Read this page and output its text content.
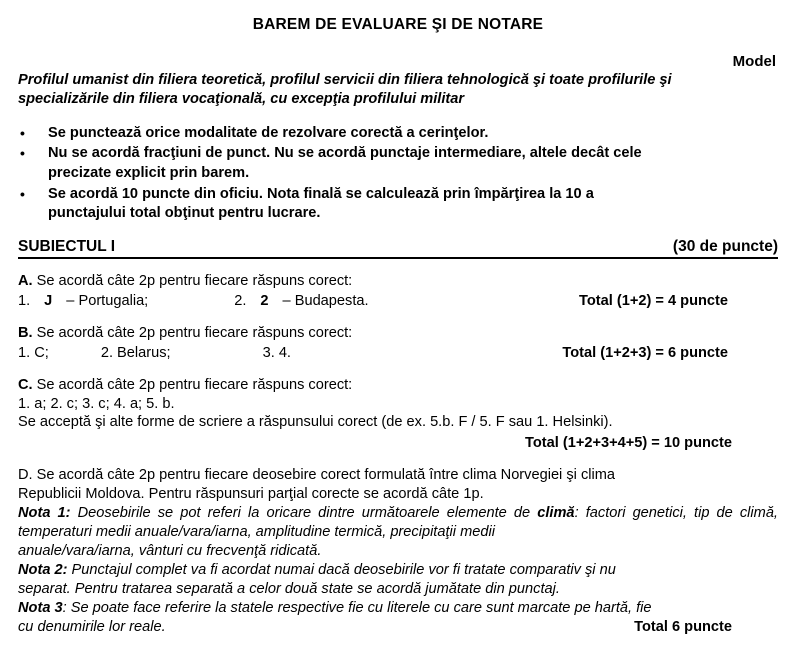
BAREM DE EVALUARE ŞI DE NOTARE
Model
Profilul umanist din filiera teoretică, profilul servicii din filiera tehnologică şi toate profilurile şi
specializările din filiera vocaţională, cu excepţia profilului militar
• Se punctează orice modalitate de rezolvare corectă a cerinţelor.
• Nu se acordă fracţiuni de punct. Nu se acordă punctaje intermediare, altele decât cele
precizate explicit prin barem.
• Se acordă 10 puncte din oficiu. Nota finală se calculează prin împărţirea la 10 a
punctajului total obţinut pentru lucrare.
SUBIECTUL I	(30 de puncte)
A. Se acordă câte 2p pentru fiecare răspuns corect:
1. J – Portugalia;	2. 2 – Budapesta.	Total (1+2) = 4 puncte
B. Se acordă câte 2p pentru fiecare răspuns corect:
1. C;	2. Belarus;	3. 4.	Total (1+2+3) = 6 puncte
C. Se acordă câte 2p pentru fiecare răspuns corect:
1. a; 2. c; 3. c; 4. a; 5. b.
Se acceptă şi alte forme de scriere a răspunsului corect (de ex. 5.b. F / 5. F sau 1. Helsinki).
Total (1+2+3+4+5) = 10 puncte
D. Se acordă câte 2p pentru fiecare deosebire corect formulată între clima Norvegiei şi clima
Republicii Moldova. Pentru răspunsuri parţial corecte se acordă câte 1p.
Nota 1: Deosebirile se pot referi la oricare dintre următoarele elemente de climă: factori genetici, tip de climă, temperaturi medii anuale/vara/iarna, amplitudine termică, precipitaţii medii
anuale/vara/iarna, vânturi cu frecvenţă ridicată.
Nota 2: Punctajul complet va fi acordat numai dacă deosebirile vor fi tratate comparativ şi nu
separat. Pentru tratarea separată a celor două state se acordă jumătate din punctaj.
Nota 3: Se poate face referire la statele respective fie cu literele cu care sunt marcate pe hartă, fie
Total 6 puncte
cu denumirile lor reale.
